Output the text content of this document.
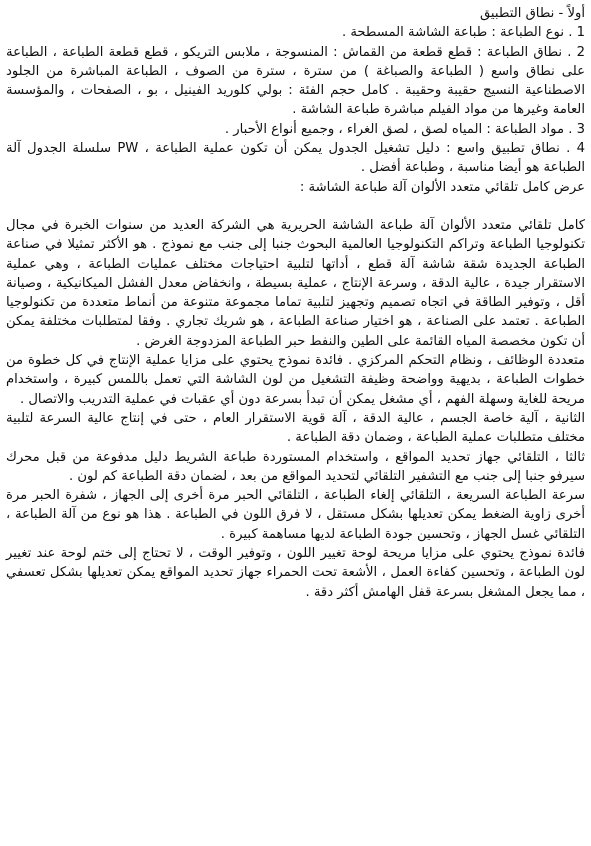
أولاً - نطاق التطبيق

1 . نوع الطباعة : طباعة الشاشة المسطحة .

2 . نطاق الطباعة : قطع قطعة من القماش : المنسوجة ، ملابس التريكو ، قطع قطعة الطباعة ، الطباعة على نطاق واسع ( الطباعة والصباغة ) من سترة ، سترة من الصوف ، الطباعة المباشرة من الجلود الاصطناعية النسيج حقيبة وحقيبة . كامل حجم الفئة : بولي كلوريد الفينيل ، بو ، الصفحات ، والمؤسسة العامة وغيرها من مواد الفيلم مباشرة طباعة الشاشة .

3 . مواد الطباعة : المياه لصق ، لصق الغراء ، وجميع أنواع الأحبار .

4 . نطاق تطبيق واسع : دليل تشغيل الجدول يمكن أن تكون عملية الطباعة ، PW سلسلة الجدول آلة الطباعة هو أيضا مناسبة ، وطباعة أفضل .

عرض كامل تلقائي متعدد الألوان آلة طباعة الشاشة :

كامل تلقائي متعدد الألوان آلة طباعة الشاشة الحريرية هي الشركة العديد من سنوات الخبرة في مجال تكنولوجيا الطباعة وتراكم التكنولوجيا العالمية البحوث جنبا إلى جنب مع نموذج . هو الأكثر تمثيلا في صناعة الطباعة الجديدة شقة شاشة آلة قطع ، أداتها لتلبية احتياجات مختلف عمليات الطباعة ، وهي عملية الاستقرار جيدة ، عالية الدقة ، وسرعة الإنتاج ، عملية بسيطة ، وانخفاض معدل الفشل الميكانيكية ، وصيانة أقل ، وتوفير الطاقة في اتجاه تصميم وتجهيز لتلبية تماما مجموعة متنوعة من أنماط متعددة من تكنولوجيا الطباعة . تعتمد على الصناعة ، هو اختيار صناعة الطباعة ، هو شريك تجاري . وفقا لمتطلبات مختلفة يمكن أن تكون مخصصة المياه القائمة على الطين والنفط حبر الطباعة المزدوجة الغرض .

متعددة الوظائف ، ونظام التحكم المركزي . فائدة نموذج يحتوي على مزايا عملية الإنتاج في كل خطوة من خطوات الطباعة ، بديهية وواضحة وظيفة التشغيل من لون الشاشة التي تعمل باللمس كبيرة ، واستخدام مريحة للغاية وسهلة الفهم ، أي مشغل يمكن أن تبدأ بسرعة دون أي عقبات في عملية التدريب والاتصال .

الثانية ، آلية خاصة الجسم ، عالية الدقة ، آلة قوية الاستقرار العام ، حتى في إنتاج عالية السرعة لتلبية مختلف متطلبات عملية الطباعة ، وضمان دقة الطباعة .

ثالثا ، التلقائي جهاز تحديد المواقع ، واستخدام المستوردة طباعة الشريط دليل مدفوعة من قبل محرك سيرفو جنبا إلى جنب مع التشفير التلقائي لتحديد المواقع من بعد ، لضمان دقة الطباعة كم لون .

سرعة الطباعة السريعة ، التلقائي إلغاء الطباعة ، التلقائي الحبر مرة أخرى إلى الجهاز ، شفرة الحبر مرة أخرى زاوية الضغط يمكن تعديلها بشكل مستقل ، لا فرق اللون في الطباعة . هذا هو نوع من آلة الطباعة ، التلقائي غسل الجهاز ، وتحسين جودة الطباعة لديها مساهمة كبيرة .

فائدة نموذج يحتوي على مزايا مريحة لوحة تغيير اللون ، وتوفير الوقت ، لا تحتاج إلى ختم لوحة عند تغيير لون الطباعة ، وتحسين كفاءة العمل ، الأشعة تحت الحمراء جهاز تحديد المواقع يمكن تعديلها بشكل تعسفي ، مما يجعل المشغل بسرعة قفل الهامش أكثر دقة .
